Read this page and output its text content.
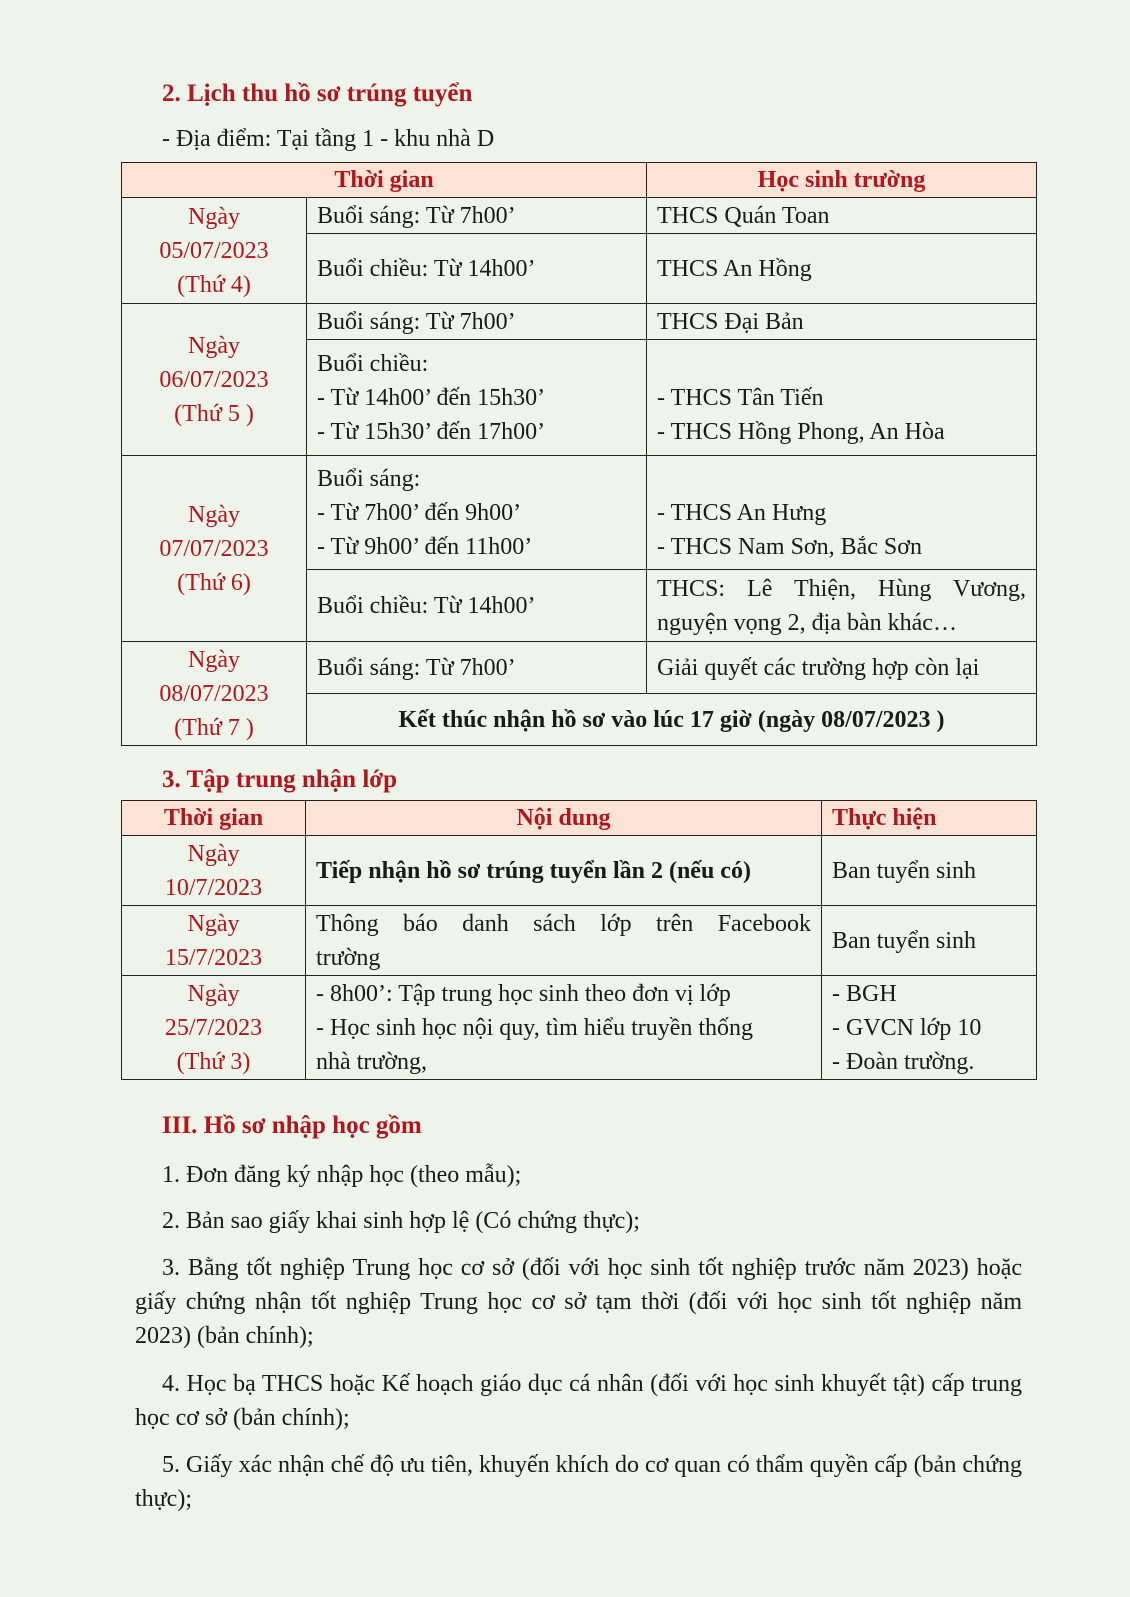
2. Lịch thu hồ sơ trúng tuyển
- Địa điểm: Tại tầng 1 - khu nhà D
Thời gian		Học sinh trường

Ngày
05/07/2023
(Thứ 4)	Buổi sáng: Từ 7h00’	THCS Quán Toan
	Buổi chiều: Từ 14h00’	THCS An Hồng

Ngày
06/07/2023
(Thứ 5 )	Buổi sáng: Từ 7h00’	THCS Đại Bản

	Buổi chiều:
- Từ 14h00’ đến 15h30’
- Từ 15h30’ đến 17h00’	- THCS Tân Tiến
- THCS Hồng Phong, An Hòa

Ngày
07/07/2023
(Thứ 6)	Buổi sáng:
- Từ 7h00’ đến 9h00’
- Từ 9h00’ đến 11h00’	- THCS An Hưng
- THCS Nam Sơn, Bắc Sơn

	Buổi chiều: Từ 14h00’	THCS: Lê Thiện, Hùng Vương,
nguyện vọng 2, địa bàn khác…

Ngày
08/07/2023
(Thứ 7 )	Buổi sáng: Từ 7h00’	Giải quyết các trường hợp còn lại
	Kết thúc nhận hồ sơ vào lúc 17 giờ (ngày 08/07/2023 )	
3. Tập trung nhận lớp
Thời gian	Nội dung	Thực hiện

Ngày
10/7/2023	Tiếp nhận hồ sơ trúng tuyển lần 2 (nếu có)	Ban tuyển sinh

Ngày
15/7/2023	Thông báo danh sách lớp trên Facebook
trường	Ban tuyển sinh

Ngày
25/7/2023
(Thứ 3)	- 8h00’: Tập trung học sinh theo đơn vị lớp
- Học sinh học nội quy, tìm hiểu truyền thống
nhà trường,	- BGH
- GVCN lớp 10
- Đoàn trường.
III. Hồ sơ nhập học gồm
1. Đơn đăng ký nhập học (theo mẫu);
2. Bản sao giấy khai sinh hợp lệ (Có chứng thực);
3. Bằng tốt nghiệp Trung học cơ sở (đối với học sinh tốt nghiệp trước năm 2023) hoặc giấy chứng nhận tốt nghiệp Trung học cơ sở tạm thời (đối với học sinh tốt nghiệp năm 2023) (bản chính);
4. Học bạ THCS hoặc Kế hoạch giáo dục cá nhân (đối với học sinh khuyết tật) cấp trung học cơ sở (bản chính);
5. Giấy xác nhận chế độ ưu tiên, khuyến khích do cơ quan có thẩm quyền cấp (bản chứng thực);
